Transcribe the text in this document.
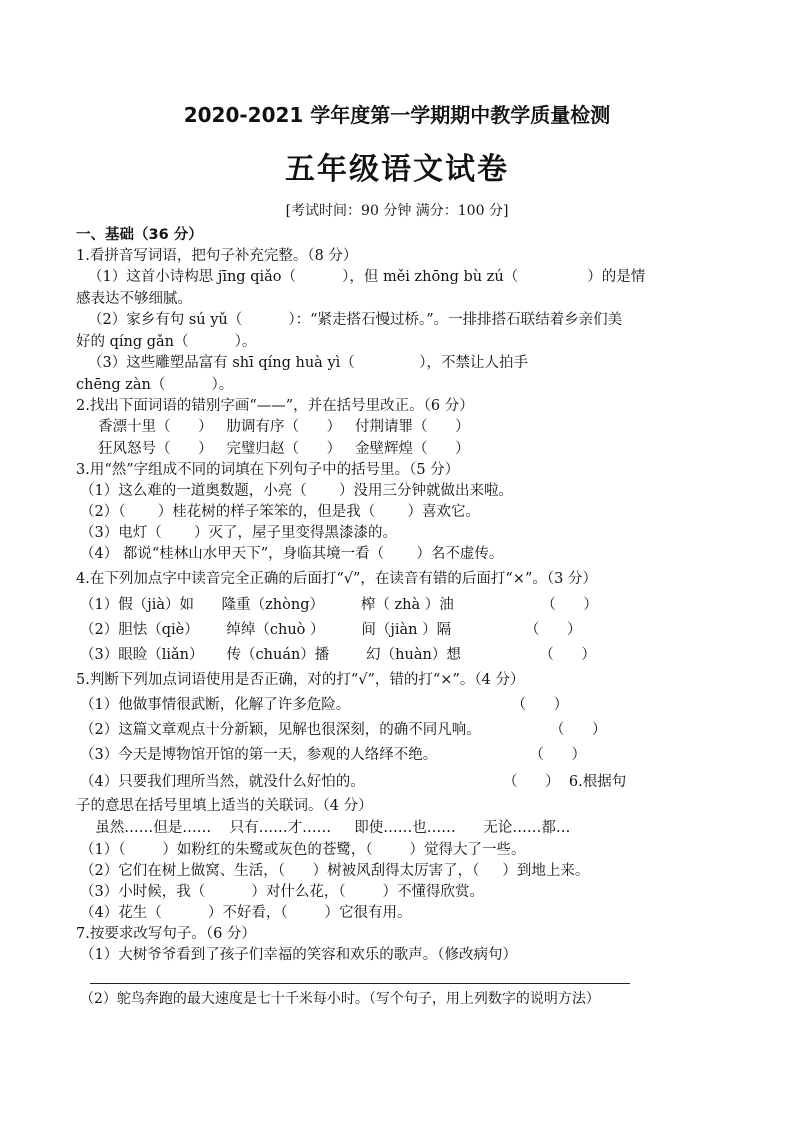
2020-2021 学年度第一学期期中教学质量检测
五年级语文试卷
[考试时间：90 分钟 满分：100 分]
一、基础（36 分）
1.看拼音写词语，把句子补充完整。（8 分）
（1）这首小诗构思 jīng qiǎo（          ），但 měi zhōng bù zú（               ）的是情
感表达不够细腻。
（2）家乡有句 sú yǔ（          ）：“紧走搭石慢过桥。”。一排排搭石联结着乡亲们美
好的 qíng gǎn（          ）。
（3）这些雕塑品富有 shī qíng huà yì（              ），不禁让人拍手
chēng zàn（          ）。
2.找出下面词语的错别字画“——”，并在括号里改正。（6 分）
香漂十里（      ）   肋调有序（      ）   付荆请罪（      ）
狂风怒号（      ）   完璧归赵（      ）   金壁辉煌（      ）
3.用“然”字组成不同的词填在下列句子中的括号里。（5 分）
（1）这么难的一道奥数题，小亮（       ）没用三分钟就做出来啦。
（2）（       ）桂花树的样子笨笨的，但是我（       ）喜欢它。
（3）电灯（       ）灭了，屋子里变得黑漆漆的。
（4） 都说“桂林山水甲天下”，身临其境一看（       ）名不虚传。
4.在下列加点字中读音完全正确的后面打“√”，在读音有错的后面打“×”。（3 分）
（1）假（jià）如      隆重（zhòng）        榨（ zhà ）油                   （      ）
（2）胆怯（qiè）      绰绰（chuò ）        间（jiàn ）隔                （      ）
（3）眼睑（liǎn）     传（chuán）播        幻（huàn）想                 （      ）
5.判断下列加点词语使用是否正确，对的打“√”，错的打“×”。（4 分）
（1）他做事情很武断，化解了许多危险。                                   （      ）
（2）这篇文章观点十分新颖，见解也很深刻，的确不同凡响。               （      ）
（3）今天是博物馆开馆的第一天，参观的人络绎不绝。                    （      ）
（4）只要我们理所当然，就没什么好怕的。                              （      ）  6.根据句
子的意思在括号里填上适当的关联词。（4 分）
虽然……但是……    只有……才……     即使……也……      无论……都…
（1）（        ）如粉红的朱鹭或灰色的苍鹭，（        ）觉得大了一些。
（2）它们在树上做窝、生活，（      ）树被风刮得太厉害了，（     ）到地上来。
（3）小时候，我（          ）对什么花，（        ）不懂得欣赏。
（4）花生（          ）不好看，（        ）它很有用。
7.按要求改写句子。（6 分）
（1）大树爷爷看到了孩子们幸福的笑容和欢乐的歌声。（修改病句）
（2）鸵鸟奔跑的最大速度是七十千米每小时。（写个句子，用上列数字的说明方法）
